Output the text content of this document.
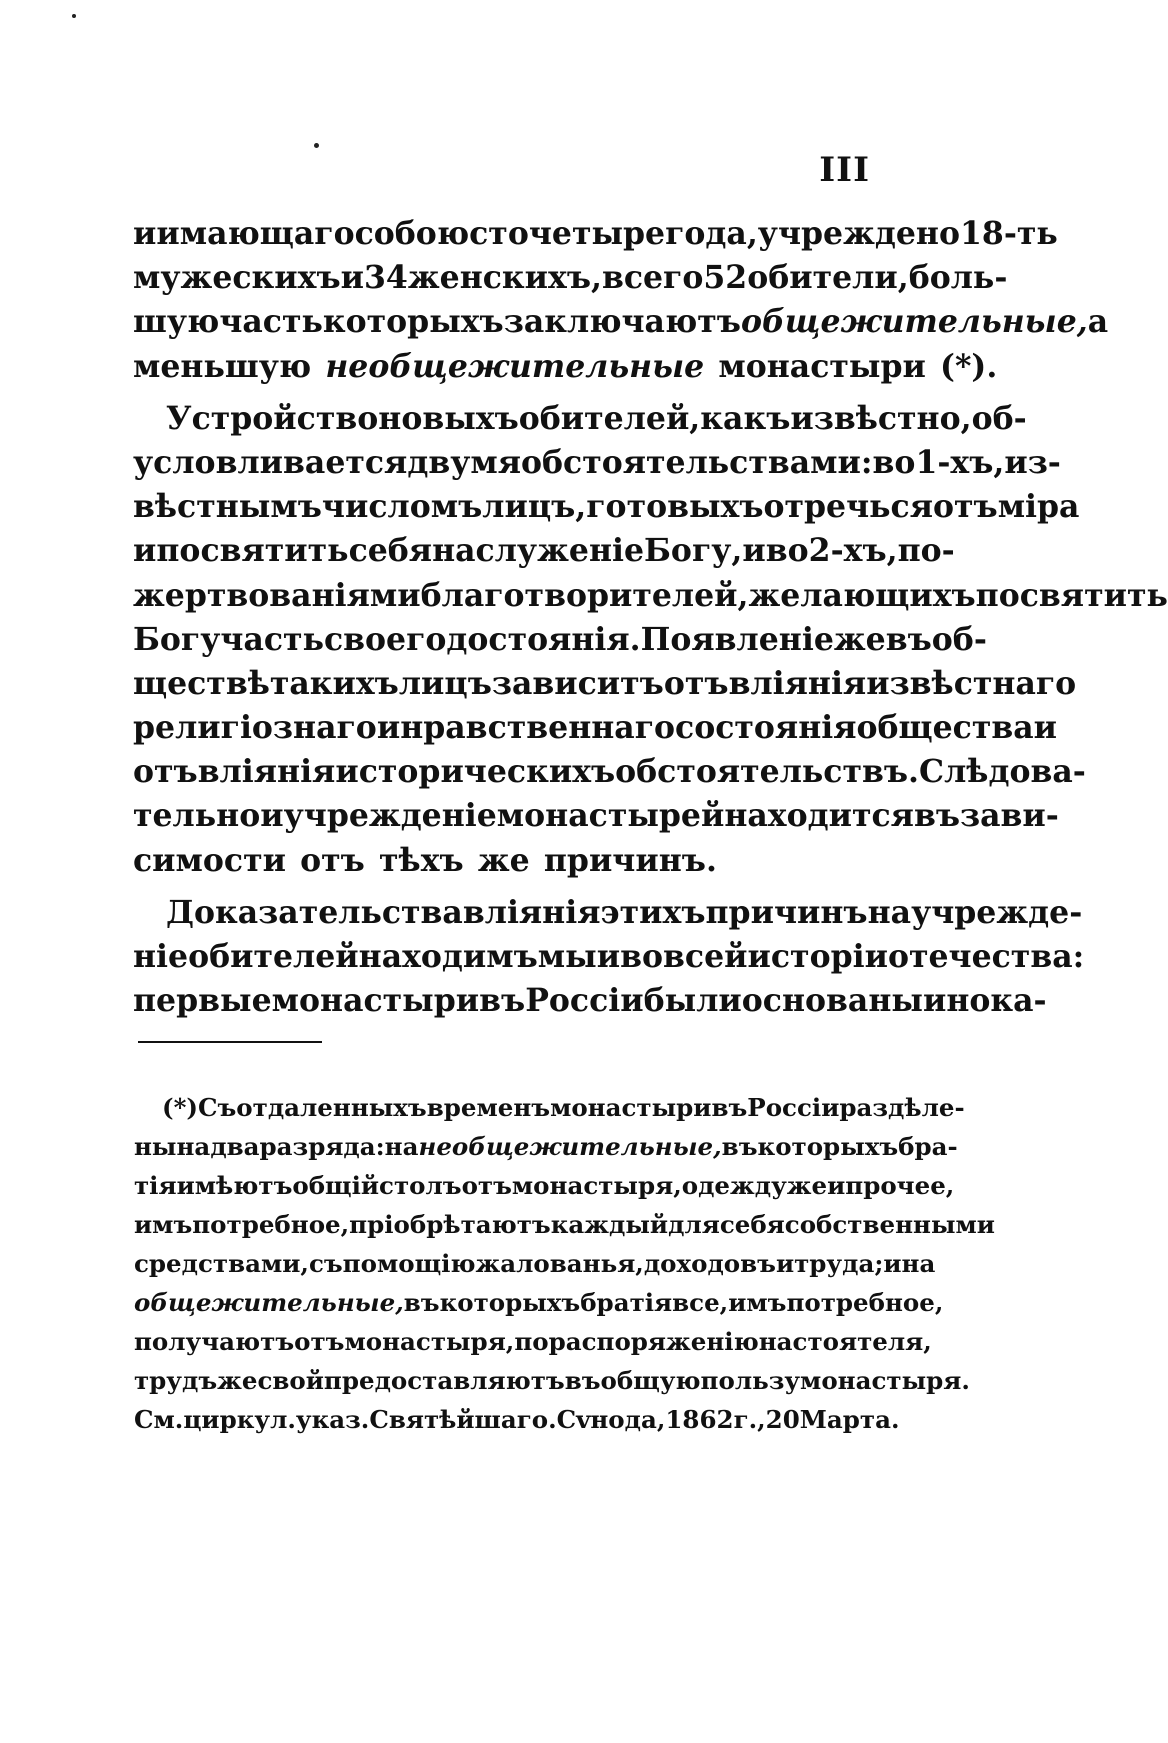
III
иимающаго собою сто четыре года, учреждено 18-ть
мужескихъ и 34 женскихъ, всего 52 обители, боль-
шую часть которыхъ заключаютъ общежительные, а
меньшую необщежительные монастыри (*).
Устройство новыхъ обителей, какъ извѣстно, об-
условливается двумя обстоятельствами: во 1-хъ, из-
вѣстнымъ числомъ лицъ, готовыхъ отречься отъ міра
и посвятить себя на служеніе Богу, и во 2-хъ, по-
жертвованіями благотворителей, желающихъ посвятить
Богу часть своего достоянія. Появленіе же въ об-
ществѣ такихъ лицъ зависитъ отъ вліянія извѣстнаго
религіознаго и нравственнаго состоянія общества и
отъ вліянія историческихъ обстоятельствъ. Слѣдова-
тельно и учрежденіе монастырей находится въ зави-
симости отъ тѣхъ же причинъ.
Доказательства вліянія этихъ причинъ на учрежде-
ніе обителей находимъ мы и во всей исторіи отечества:
первые монастыри въ Россіи были основаны инока-
(*) Съ отдаленныхъ временъ монастыри въ Россіи раздѣле-
ны на два разряда: на необщежительные, въ которыхъ бра-
тія имѣютъ общій столъ отъ монастыря, одежду же и прочее,
имъ потребное, пріобрѣтаютъ каждый для себя собственными
средствами, съ помощію жалованья, доходовъ и труда; и на
общежительные, въ которыхъ братія все, имъ потребное,
получаютъ отъ монастыря, по распоряженію настоятеля,
трудъ же свой предоставляютъ въ общую пользу монастыря.
См. циркул. указ. Святѣйшаго. Сvнода, 1862 г., 20 Марта.
